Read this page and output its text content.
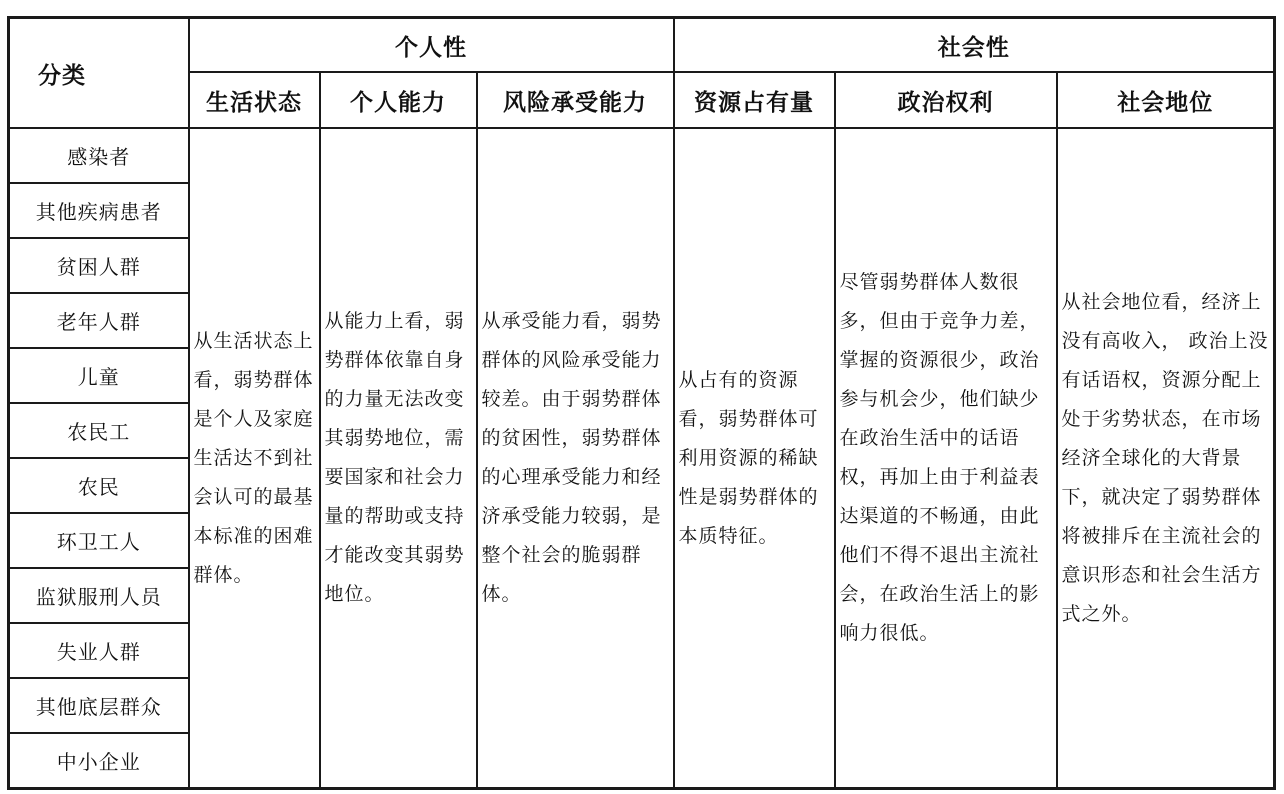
分类	个人性			社会性		
	生活状态	个人能力	风险承受能力	资源占有量	政治权利	社会地位
感染者	从生活状态上看，弱势群体是个人及家庭生活达不到社会认可的最基本标准的困难群体。	从能力上看，弱势群体依靠自身的力量无法改变其弱势地位，需要国家和社会力量的帮助或支持才能改变其弱势地位。	从承受能力看，弱势群体的风险承受能力较差。由于弱势群体的贫困性，弱势群体的心理承受能力和经济承受能力较弱，是整个社会的脆弱群体。	从占有的资源看，弱势群体可利用资源的稀缺性是弱势群体的本质特征。	尽管弱势群体人数很多，但由于竞争力差，掌握的资源很少，政治参与机会少，他们缺少在政治生活中的话语权，再加上由于利益表达渠道的不畅通，由此他们不得不退出主流社会，在政治生活上的影响力很低。	从社会地位看，经济上没有高收入， 政治上没有话语权，资源分配上处于劣势状态，在市场经济全球化的大背景下，就决定了弱势群体将被排斥在主流社会的意识形态和社会生活方式之外。
其他疾病患者						
贫困人群						
老年人群						
儿童						
农民工						
农民						
环卫工人						
监狱服刑人员						
失业人群						
其他底层群众						
中小企业						
